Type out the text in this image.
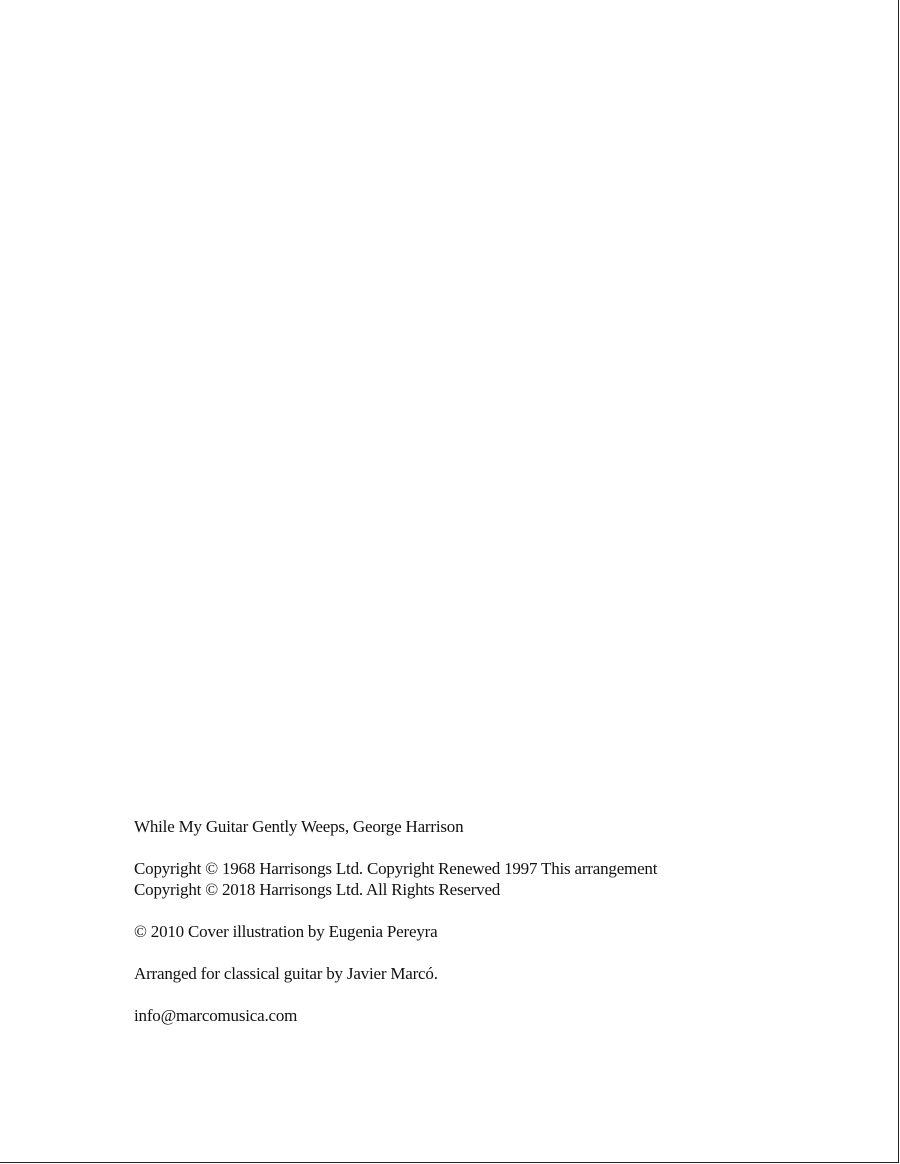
While My Guitar Gently Weeps, George Harrison

Copyright © 1968 Harrisongs Ltd. Copyright Renewed 1997 This arrangement

Copyright © 2018 Harrisongs Ltd. All Rights Reserved

© 2010 Cover illustration by Eugenia Pereyra

Arranged for classical guitar by Javier Marcó.

info@marcomusica.com
